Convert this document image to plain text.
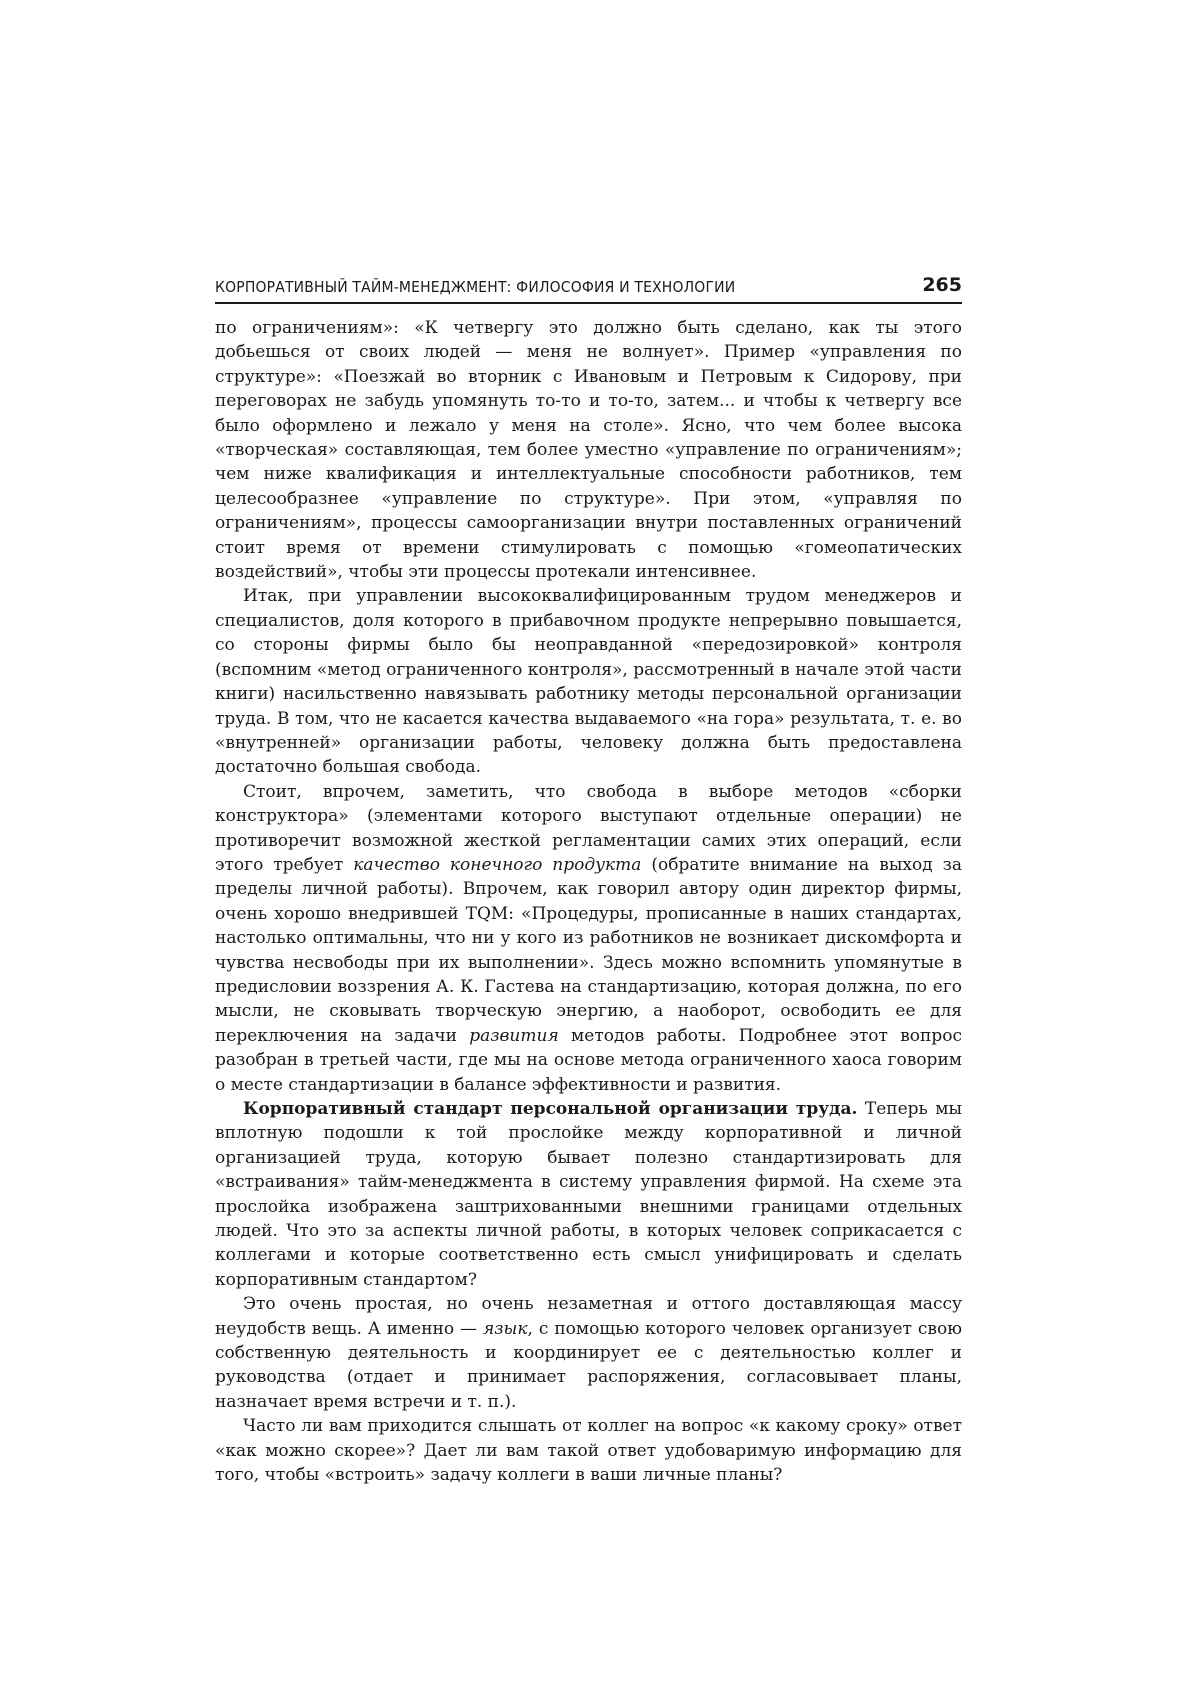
КОРПОРАТИВНЫЙ ТАЙМ-МЕНЕДЖМЕНТ: ФИЛОСОФИЯ И ТЕХНОЛОГИИ	265

по ограничениям»: «К четвергу это должно быть сделано, как ты этого добьешься от своих людей — меня не волнует». Пример «управления по структуре»: «Поезжай во вторник с Ивановым и Петровым к Сидорову, при переговорах не забудь упомянуть то-то и то-то, затем... и чтобы к четвергу все было оформлено и лежало у меня на столе». Ясно, что чем более высока «творческая» составляющая, тем более уместно «управление по ограничениям»; чем ниже квалификация и интеллектуальные способности работников, тем целесообразнее «управление по структуре». При этом, «управляя по ограничениям», процессы самоорганизации внутри поставленных ограничений стоит время от времени стимулировать с помощью «гомеопатических воздействий», чтобы эти процессы протекали интенсивнее.

Итак, при управлении высококвалифицированным трудом менеджеров и специалистов, доля которого в прибавочном продукте непрерывно повышается, со стороны фирмы было бы неоправданной «передозировкой» контроля (вспомним «метод ограниченного контроля», рассмотренный в начале этой части книги) насильственно навязывать работнику методы персональной организации труда. В том, что не касается качества выдаваемого «на гора» результата, т. е. во «внутренней» организации работы, человеку должна быть предоставлена достаточно большая свобода.

Стоит, впрочем, заметить, что свобода в выборе методов «сборки конструктора» (элементами которого выступают отдельные операции) не противоречит возможной жесткой регламентации самих этих операций, если этого требует качество конечного продукта (обратите внимание на выход за пределы личной работы). Впрочем, как говорил автору один директор фирмы, очень хорошо внедрившей TQM: «Процедуры, прописанные в наших стандартах, настолько оптимальны, что ни у кого из работников не возникает дискомфорта и чувства несвободы при их выполнении». Здесь можно вспомнить упомянутые в предисловии воззрения А. К. Гастева на стандартизацию, которая должна, по его мысли, не сковывать творческую энергию, а наоборот, освободить ее для переключения на задачи развития методов работы. Подробнее этот вопрос разобран в третьей части, где мы на основе метода ограниченного хаоса говорим о месте стандартизации в балансе эффективности и развития.

Корпоративный стандарт персональной организации труда. Теперь мы вплотную подошли к той прослойке между корпоративной и личной организацией труда, которую бывает полезно стандартизировать для «встраивания» тайм-менеджмента в систему управления фирмой. На схеме эта прослойка изображена заштрихованными внешними границами отдельных людей. Что это за аспекты личной работы, в которых человек соприкасается с коллегами и которые соответственно есть смысл унифицировать и сделать корпоративным стандартом?

Это очень простая, но очень незаметная и оттого доставляющая массу неудобств вещь. А именно — язык, с помощью которого человек организует свою собственную деятельность и координирует ее с деятельностью коллег и руководства (отдает и принимает распоряжения, согласовывает планы, назначает время встречи и т. п.).

Часто ли вам приходится слышать от коллег на вопрос «к какому сроку» ответ «как можно скорее»? Дает ли вам такой ответ удобоваримую информацию для того, чтобы «встроить» задачу коллеги в ваши личные планы?
